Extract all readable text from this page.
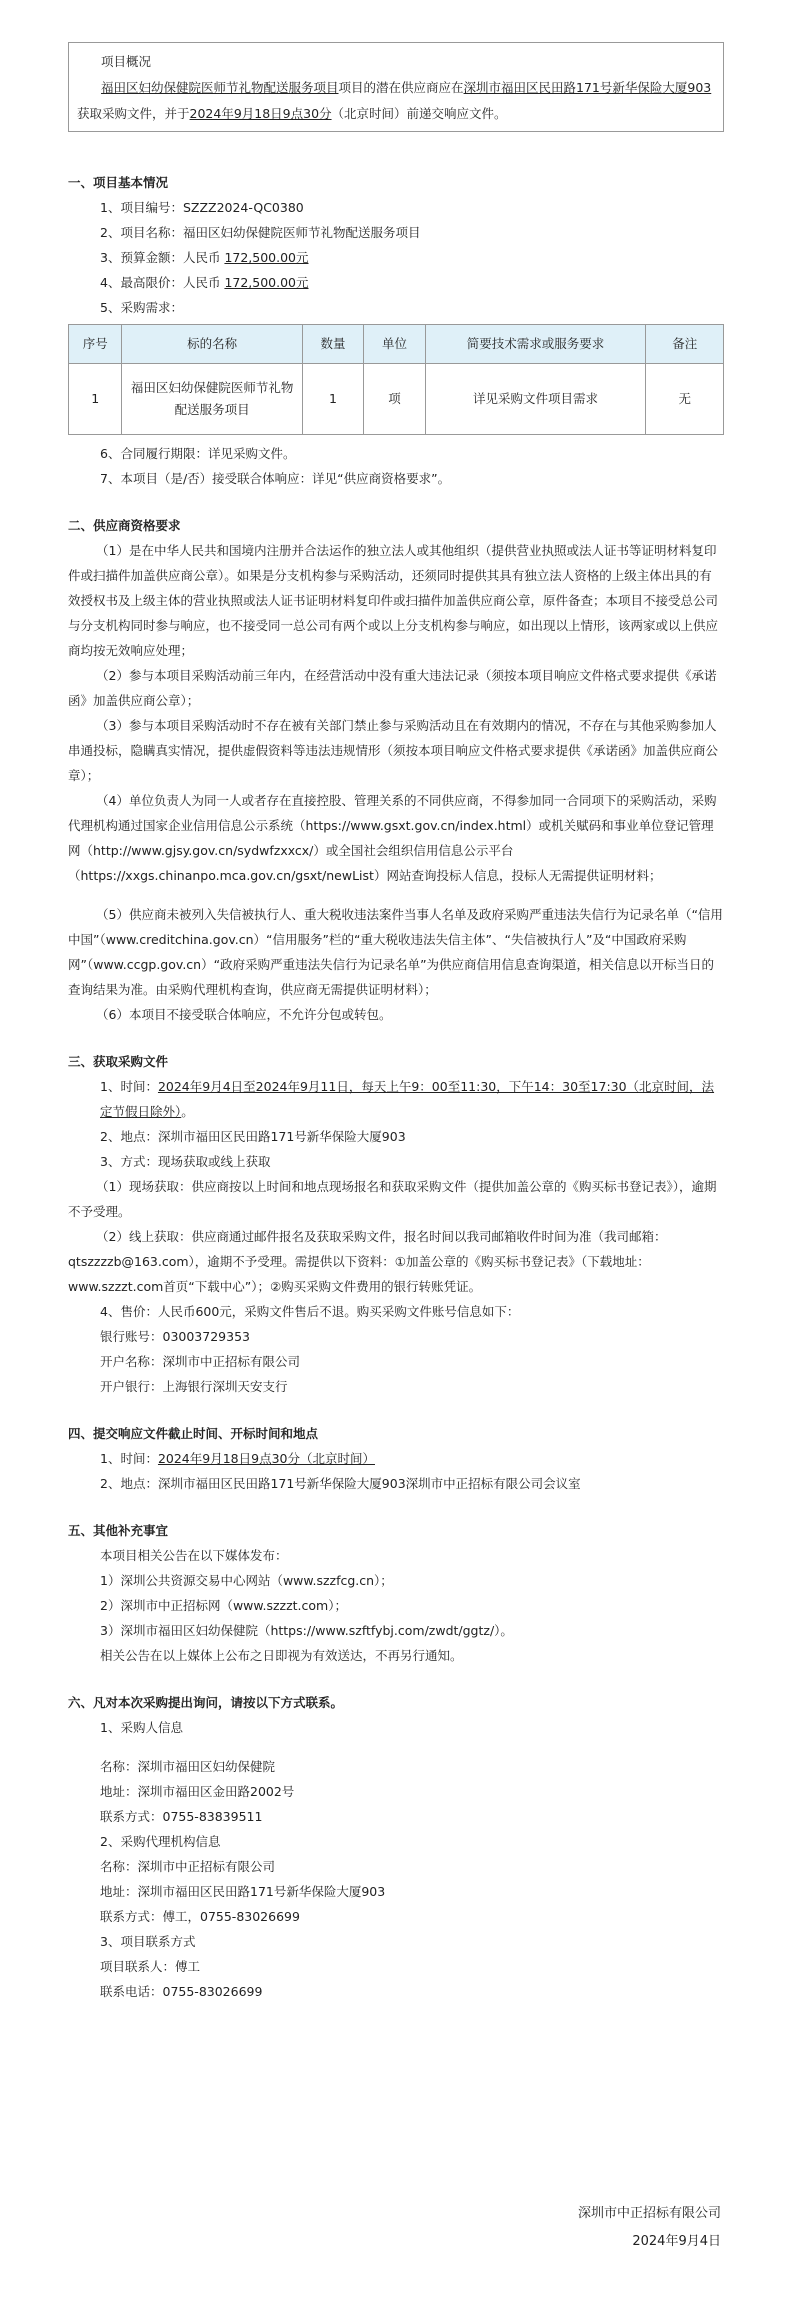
项目概况
福田区妇幼保健院医师节礼物配送服务项目项目的潜在供应商应在深圳市福田区民田路171号新华保险大厦903获取采购文件，并于2024年9月18日9点30分（北京时间）前递交响应文件。

一、项目基本情况

1、项目编号：SZZZ2024-QC0380

2、项目名称：福田区妇幼保健院医师节礼物配送服务项目

3、预算金额：人民币 172,500.00元

4、最高限价：人民币 172,500.00元

5、采购需求：

序号	标的名称	数量	单位	简要技术需求或服务要求	备注
1	福田区妇幼保健院医师节礼物配送服务项目	1	项	详见采购文件项目需求	无

6、合同履行期限：详见采购文件。

7、本项目（是/否）接受联合体响应：详见“供应商资格要求”。

二、供应商资格要求

（1）是在中华人民共和国境内注册并合法运作的独立法人或其他组织（提供营业执照或法人证书等证明材料复印件或扫描件加盖供应商公章）。如果是分支机构参与采购活动，还须同时提供其具有独立法人资格的上级主体出具的有效授权书及上级主体的营业执照或法人证书证明材料复印件或扫描件加盖供应商公章，原件备查；本项目不接受总公司与分支机构同时参与响应，也不接受同一总公司有两个或以上分支机构参与响应，如出现以上情形，该两家或以上供应商均按无效响应处理；

（2）参与本项目采购活动前三年内，在经营活动中没有重大违法记录（须按本项目响应文件格式要求提供《承诺函》加盖供应商公章）；

（3）参与本项目采购活动时不存在被有关部门禁止参与采购活动且在有效期内的情况，不存在与其他采购参加人串通投标，隐瞒真实情况，提供虚假资料等违法违规情形（须按本项目响应文件格式要求提供《承诺函》加盖供应商公章）；

（4）单位负责人为同一人或者存在直接控股、管理关系的不同供应商，不得参加同一合同项下的采购活动，采购代理机构通过国家企业信用信息公示系统（https://www.gsxt.gov.cn/index.html）或机关赋码和事业单位登记管理网（http://www.gjsy.gov.cn/sydwfzxxcx/）或全国社会组织信用信息公示平台（https://xxgs.chinanpo.mca.gov.cn/gsxt/newList）网站查询投标人信息，投标人无需提供证明材料；

（5）供应商未被列入失信被执行人、重大税收违法案件当事人名单及政府采购严重违法失信行为记录名单（“信用中国”（www.creditchina.gov.cn）“信用服务”栏的“重大税收违法失信主体”、“失信被执行人”及“中国政府采购网”（www.ccgp.gov.cn）“政府采购严重违法失信行为记录名单”为供应商信用信息查询渠道，相关信息以开标当日的查询结果为准。由采购代理机构查询，供应商无需提供证明材料）；

（6）本项目不接受联合体响应，不允许分包或转包。

三、获取采购文件

1、时间：2024年9月4日至2024年9月11日，每天上午9：00至11:30，下午14：30至17:30（北京时间，法定节假日除外）。

2、地点：深圳市福田区民田路171号新华保险大厦903

3、方式：现场获取或线上获取

（1）现场获取：供应商按以上时间和地点现场报名和获取采购文件（提供加盖公章的《购买标书登记表》），逾期不予受理。

（2）线上获取：供应商通过邮件报名及获取采购文件，报名时间以我司邮箱收件时间为准（我司邮箱：qtszzzzb@163.com），逾期不予受理。需提供以下资料：①加盖公章的《购买标书登记表》（下载地址：www.szzzt.com首页“下载中心”）；②购买采购文件费用的银行转账凭证。

4、售价：人民币600元，采购文件售后不退。购买采购文件账号信息如下：

银行账号：03003729353

开户名称：深圳市中正招标有限公司

开户银行：上海银行深圳天安支行

四、提交响应文件截止时间、开标时间和地点

1、时间：2024年9月18日9点30分（北京时间）

2、地点：深圳市福田区民田路171号新华保险大厦903深圳市中正招标有限公司会议室

五、其他补充事宜

本项目相关公告在以下媒体发布：

1）深圳公共资源交易中心网站（www.szzfcg.cn）；

2）深圳市中正招标网（www.szzzt.com）；

3）深圳市福田区妇幼保健院（https://www.szftfybj.com/zwdt/ggtz/）。

相关公告在以上媒体上公布之日即视为有效送达，不再另行通知。

六、凡对本次采购提出询问，请按以下方式联系。

1、采购人信息

名称：深圳市福田区妇幼保健院

地址：深圳市福田区金田路2002号

联系方式：0755-83839511

2、采购代理机构信息

名称：深圳市中正招标有限公司

地址：深圳市福田区民田路171号新华保险大厦903

联系方式：傅工，0755-83026699

3、项目联系方式

项目联系人：傅工

联系电话：0755-83026699

深圳市中正招标有限公司
2024年9月4日
